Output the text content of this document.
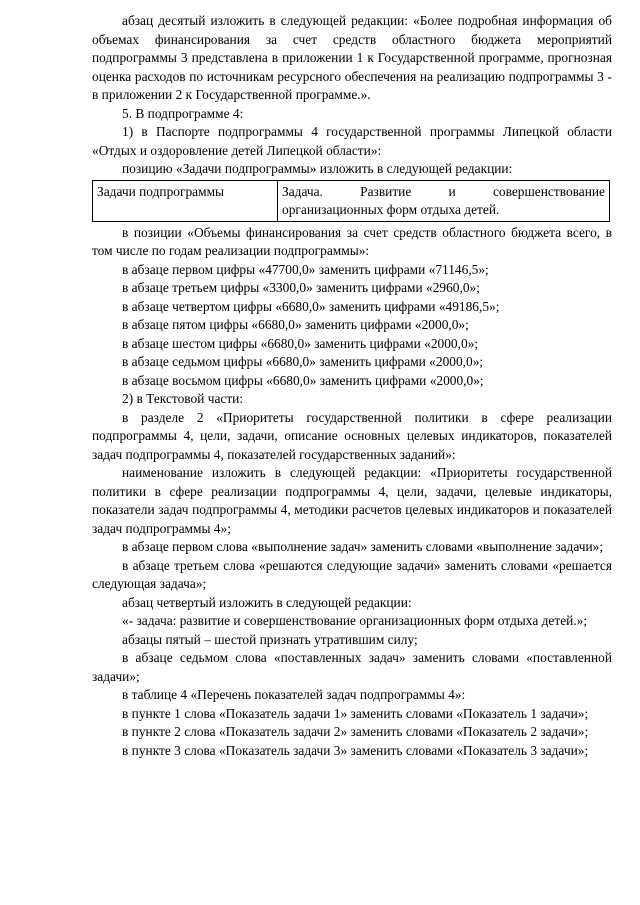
абзац десятый изложить в следующей редакции: «Более подробная информация об объемах финансирования за счет средств областного бюджета мероприятий подпрограммы 3 представлена в приложении 1 к Государственной программе, прогнозная оценка расходов по источникам ресурсного обеспечения на реализацию подпрограммы 3 - в приложении 2 к Государственной программе.».

5. В подпрограмме 4:

1) в Паспорте подпрограммы 4 государственной программы Липецкой области «Отдых и оздоровление детей Липецкой области»:

позицию «Задачи подпрограммы» изложить в следующей редакции:

Задачи подпрограммы	Задача. Развитие и совершенствование организационных форм отдыха детей.

в позиции «Объемы финансирования за счет средств областного бюджета всего, в том числе по годам реализации подпрограммы»:

в абзаце первом цифры «47700,0» заменить цифрами «71146,5»;

в абзаце третьем цифры «3300,0» заменить цифрами «2960,0»;

в абзаце четвертом цифры «6680,0» заменить цифрами «49186,5»;

в абзаце пятом цифры «6680,0» заменить цифрами «2000,0»;

в абзаце шестом цифры «6680,0» заменить цифрами «2000,0»;

в абзаце седьмом цифры «6680,0» заменить цифрами «2000,0»;

в абзаце восьмом цифры «6680,0» заменить цифрами «2000,0»;

2) в Текстовой части:

в разделе 2 «Приоритеты государственной политики в сфере реализации подпрограммы 4, цели, задачи, описание основных целевых индикаторов, показателей задач подпрограммы 4, показателей государственных заданий»:

наименование изложить в следующей редакции: «Приоритеты государственной политики в сфере реализации подпрограммы 4, цели, задачи, целевые индикаторы, показатели задач подпрограммы 4, методики расчетов целевых индикаторов и показателей задач подпрограммы 4»;

в абзаце первом слова «выполнение задач» заменить словами «выполнение задачи»;

в абзаце третьем слова «решаются следующие задачи» заменить словами «решается следующая задача»;

абзац четвертый изложить в следующей редакции:

«- задача: развитие и совершенствование организационных форм отдыха детей.»;

абзацы пятый – шестой признать утратившим силу;

в абзаце седьмом слова «поставленных задач» заменить словами «поставленной задачи»;

в таблице 4 «Перечень показателей задач подпрограммы 4»:

в пункте 1 слова «Показатель задачи 1» заменить словами «Показатель 1 задачи»;

в пункте 2 слова «Показатель задачи 2» заменить словами «Показатель 2 задачи»;

в пункте 3 слова «Показатель задачи 3» заменить словами «Показатель 3 задачи»;
